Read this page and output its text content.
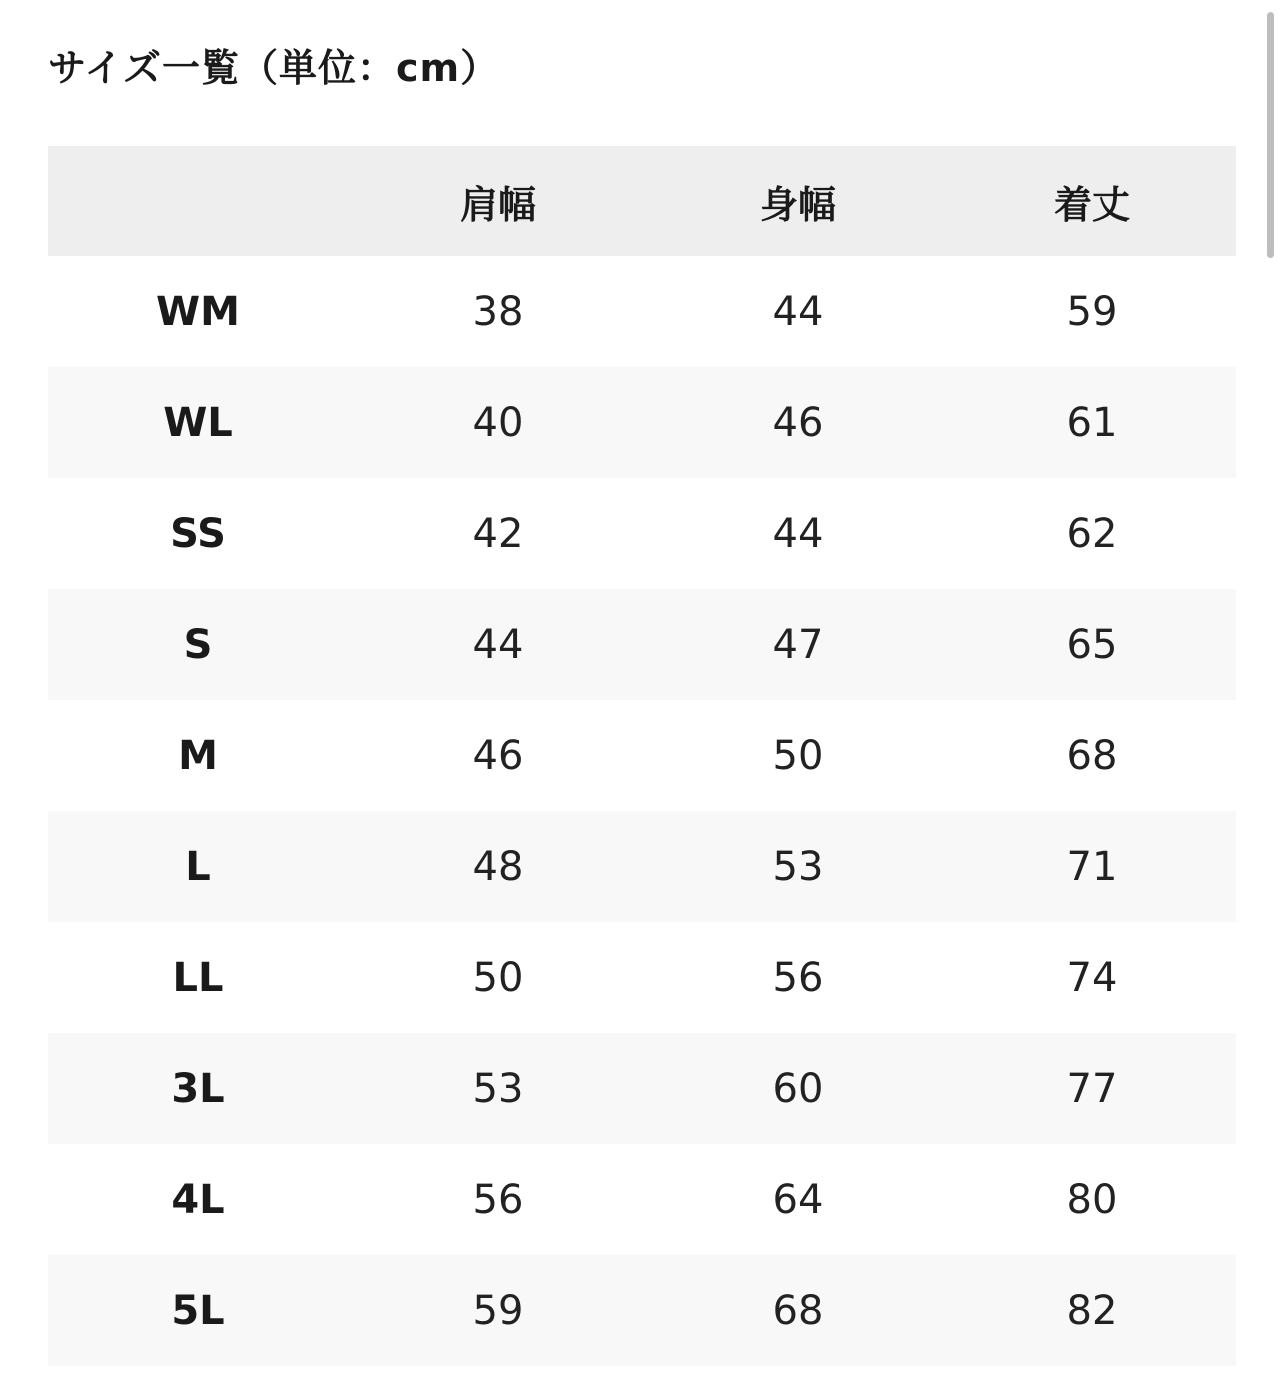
サイズ一覧（単位：cm）
	肩幅	身幅	着丈
WM	38	44	59
WL	40	46	61
SS	42	44	62
S	44	47	65
M	46	50	68
L	48	53	71
LL	50	56	74
3L	53	60	77
4L	56	64	80
5L	59	68	82
